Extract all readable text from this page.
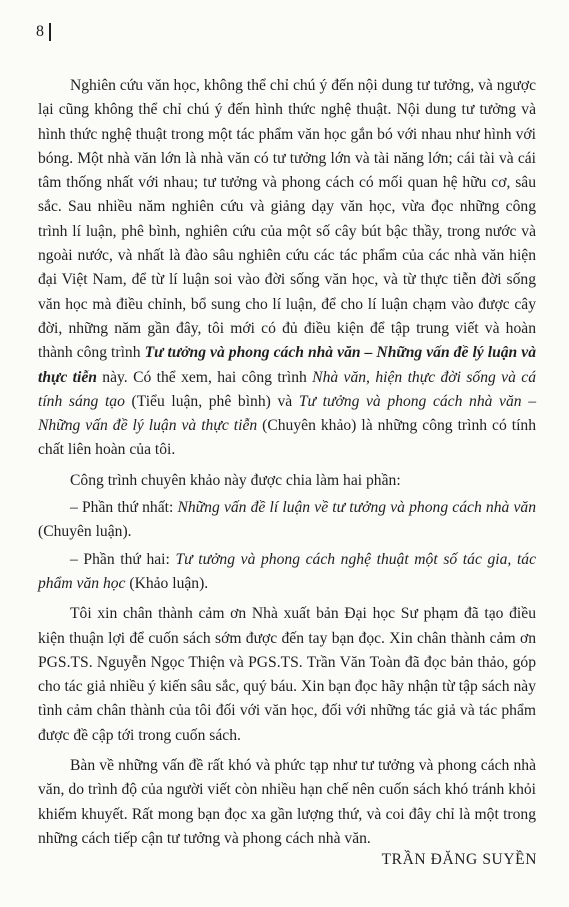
8

Nghiên cứu văn học, không thể chỉ chú ý đến nội dung tư tưởng, và ngược lại cũng không thể chỉ chú ý đến hình thức nghệ thuật. Nội dung tư tưởng và hình thức nghệ thuật trong một tác phẩm văn học gắn bó với nhau như hình với bóng. Một nhà văn lớn là nhà văn có tư tưởng lớn và tài năng lớn; cái tài và cái tâm thống nhất với nhau; tư tưởng và phong cách có mối quan hệ hữu cơ, sâu sắc. Sau nhiều năm nghiên cứu và giảng dạy văn học, vừa đọc những công trình lí luận, phê bình, nghiên cứu của một số cây bút bậc thầy, trong nước và ngoài nước, và nhất là đào sâu nghiên cứu các tác phẩm của các nhà văn hiện đại Việt Nam, để từ lí luận soi vào đời sống văn học, và từ thực tiễn đời sống văn học mà điều chỉnh, bổ sung cho lí luận, để cho lí luận chạm vào được cây đời, những năm gần đây, tôi mới có đủ điều kiện để tập trung viết và hoàn thành công trình Tư tưởng và phong cách nhà văn – Những vấn đề lý luận và thực tiễn này. Có thể xem, hai công trình Nhà văn, hiện thực đời sống và cá tính sáng tạo (Tiểu luận, phê bình) và Tư tưởng và phong cách nhà văn – Những vấn đề lý luận và thực tiễn (Chuyên khảo) là những công trình có tính chất liên hoàn của tôi.

Công trình chuyên khảo này được chia làm hai phần:

– Phần thứ nhất: Những vấn đề lí luận về tư tưởng và phong cách nhà văn (Chuyên luận).

– Phần thứ hai: Tư tưởng và phong cách nghệ thuật một số tác gia, tác phẩm văn học (Khảo luận).

Tôi xin chân thành cảm ơn Nhà xuất bản Đại học Sư phạm đã tạo điều kiện thuận lợi để cuốn sách sớm được đến tay bạn đọc. Xin chân thành cảm ơn PGS.TS. Nguyễn Ngọc Thiện và PGS.TS. Trần Văn Toàn đã đọc bản thảo, góp cho tác giả nhiều ý kiến sâu sắc, quý báu. Xin bạn đọc hãy nhận từ tập sách này tình cảm chân thành của tôi đối với văn học, đối với những tác giả và tác phẩm được đề cập tới trong cuốn sách.

Bàn về những vấn đề rất khó và phức tạp như tư tưởng và phong cách nhà văn, do trình độ của người viết còn nhiều hạn chế nên cuốn sách khó tránh khỏi khiếm khuyết. Rất mong bạn đọc xa gần lượng thứ, và coi đây chỉ là một trong những cách tiếp cận tư tưởng và phong cách nhà văn.

TRẦN ĐĂNG SUYỀN
